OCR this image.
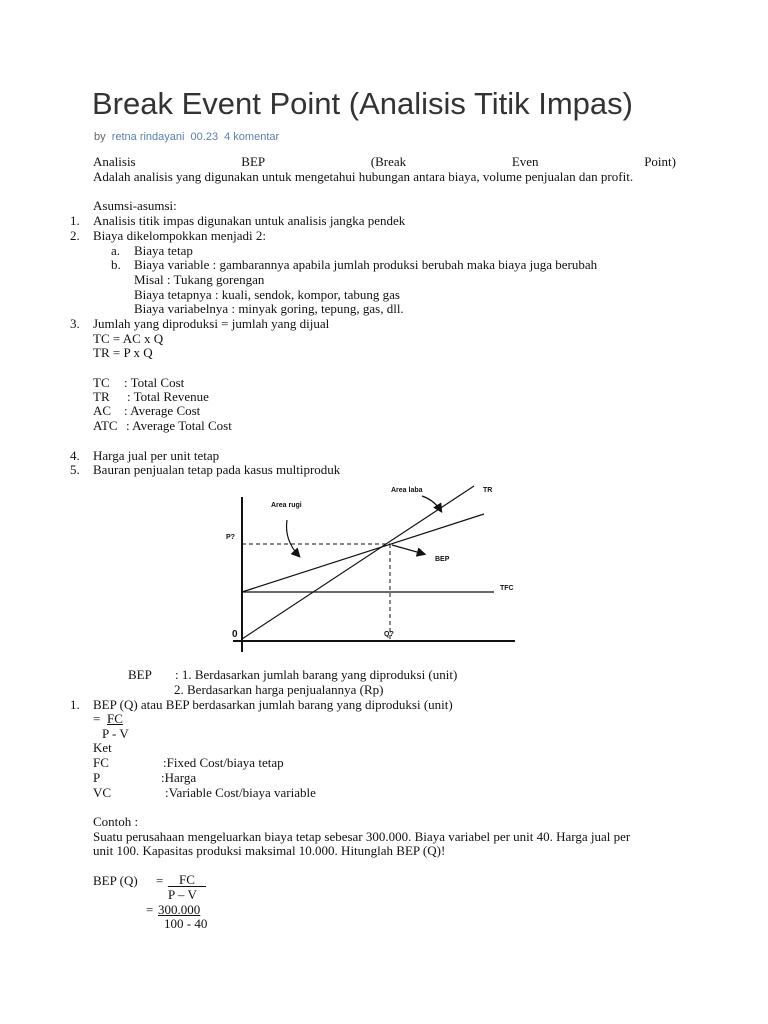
Break Event Point (Analisis Titik Impas)
by retna rindayani 00.23 4 komentar
Analisis	BEP	(Break	Even	Point)
Adalah analisis yang digunakan untuk mengetahui hubungan antara biaya, volume penjualan dan profit.
Asumsi-asumsi:
1. Analisis titik impas digunakan untuk analisis jangka pendek
2. Biaya dikelompokkan menjadi 2:
a. Biaya tetap
b. Biaya variable : gambarannya apabila jumlah produksi berubah maka biaya juga berubah
Misal : Tukang gorengan
Biaya tetapnya : kuali, sendok, kompor, tabung gas
Biaya variabelnya : minyak goring, tepung, gas, dll.
3. Jumlah yang diproduksi = jumlah yang dijual
TC = AC x Q
TR = P x Q
TC : Total Cost
TR : Total Revenue
AC : Average Cost
ATC : Average Total Cost
4. Harga jual per unit tetap
5. Bauran penjualan tetap pada kasus multiproduk
Area laba	TR
Area rugi
BEP
TFC
P?
Q?
0
BEP : 1. Berdasarkan jumlah barang yang diproduksi (unit)
2. Berdasarkan harga penjualannya (Rp)
1. BEP (Q) atau BEP berdasarkan jumlah barang yang diproduksi (unit)
= FC
P - V
Ket
FC	:Fixed Cost/biaya tetap
P	:Harga
VC	:Variable Cost/biaya variable
Contoh :
Suatu perusahaan mengeluarkan biaya tetap sebesar 300.000. Biaya variabel per unit 40. Harga jual per
unit 100. Kapasitas produksi maksimal 10.000. Hitunglah BEP (Q)!
BEP (Q) =	FC
P – V
= 300.000
100 - 40
